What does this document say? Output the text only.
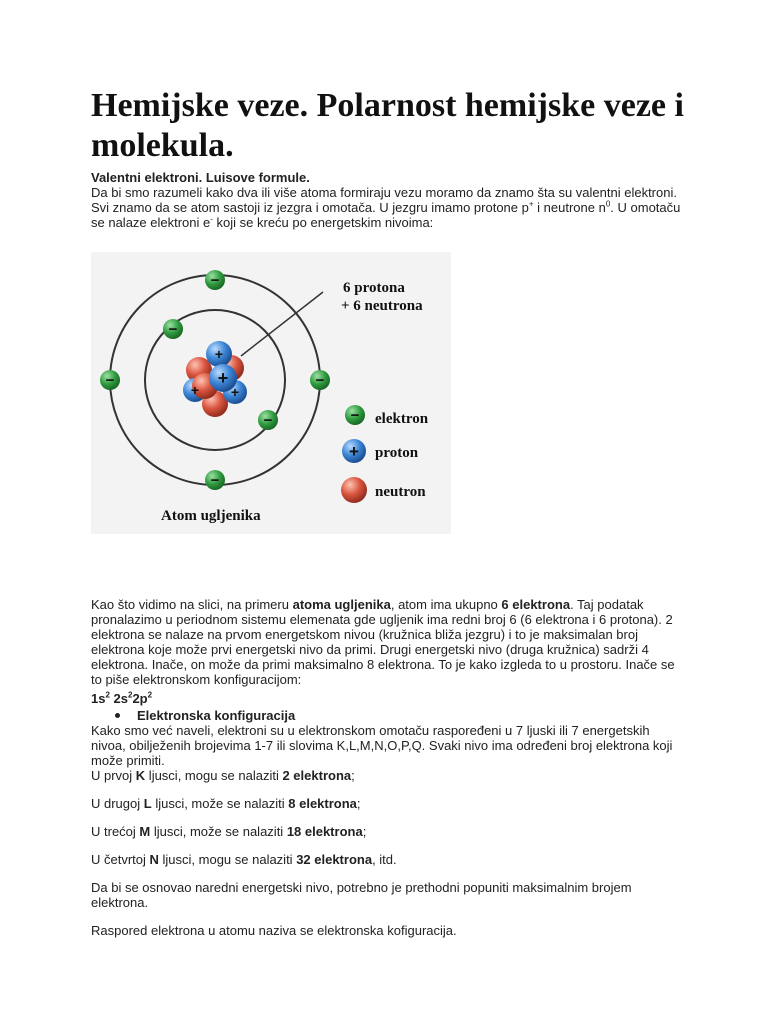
Hemijske veze. Polarnost hemijske veze i molekula.

Valentni elektroni. Luisove formule.

Da bi smo razumeli kako dva ili više atoma formiraju vezu moramo da znamo šta su valentni elektroni.

Svi znamo da se atom sastoji iz jezgra i omotača. U jezgru imamo protone p+ i neutrone $n^0$. U omotaču

se nalaze elektroni e- koji se kreću po energetskim nivoima:

+
+ +
+
−
−
−	−
−
−
6 protona
+ 6 neutrona
− elektron
+ proton
neutron
Atom ugljenika

Kao što vidimo na slici, na primeru atoma ugljenika, atom ima ukupno 6 elektrona. Taj podatak

pronalazimo u periodnom sistemu elemenata gde ugljenik ima redni broj 6 (6 elektrona i 6 protona). 2

elektrona se nalaze na prvom energetskom nivou (kružnica bliža jezgru) i to je maksimalan broj

elektrona koje može prvi energetski nivo da primi. Drugi energetski nivo (druga kružnica) sadrži 4

elektrona. Inače, on može da primi maksimalno 8 elektrona. To je kako izgleda to u prostoru. Inače se

to piše elektronskom konfiguracijom:

$1s^2$ $2s^22p^2$

Elektronska konfiguracija

Kako smo već naveli, elektroni su u elektronskom omotaču raspoređeni u 7 ljuski ili 7 energetskih

nivoa, obilježenih brojevima 1-7 ili slovima K,L,M,N,O,P,Q. Svaki nivo ima određeni broj elektrona koji

može primiti.

U prvoj K ljusci, mogu se nalaziti 2 elektrona;

U drugoj L ljusci, može se nalaziti 8 elektrona;

U trećoj M ljusci, može se nalaziti 18 elektrona;

U četvrtoj N ljusci, mogu se nalaziti 32 elektrona, itd.

Da bi se osnovao naredni energetski nivo, potrebno je prethodni popuniti maksimalnim brojem

elektrona.

Raspored elektrona u atomu naziva se elektronska kofiguracija.
